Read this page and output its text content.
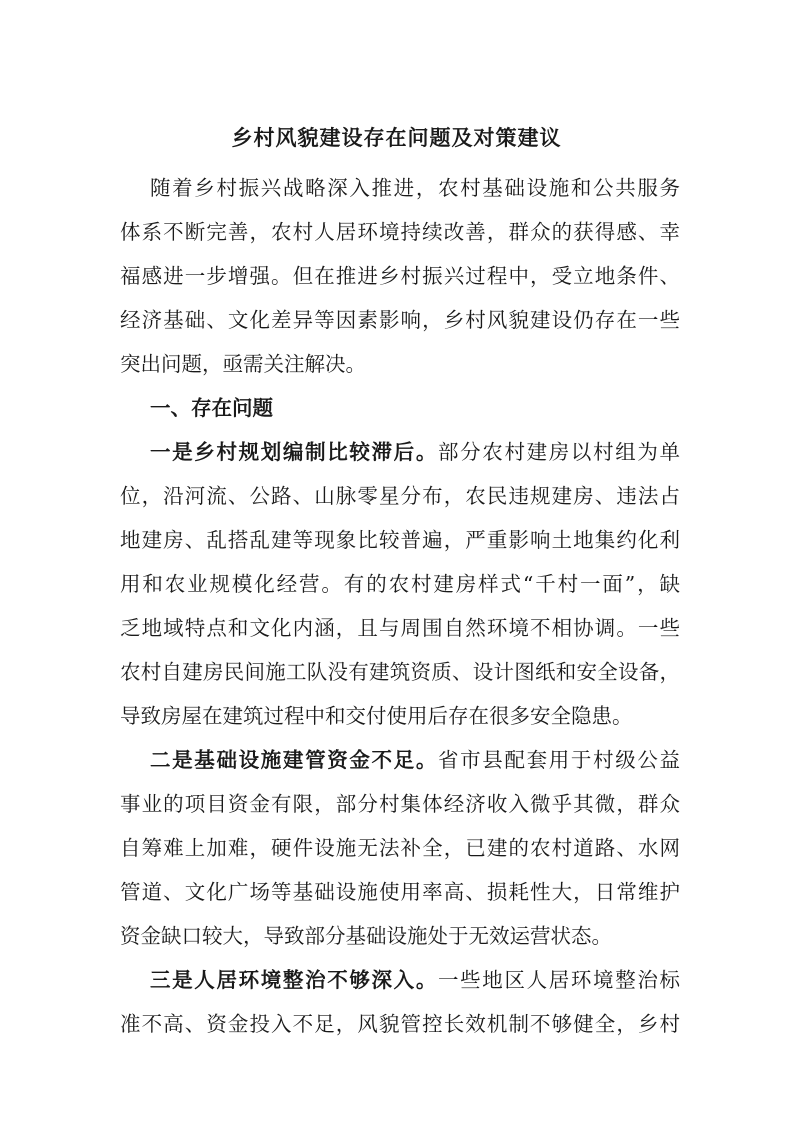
乡村风貌建设存在问题及对策建议
随着乡村振兴战略深入推进，农村基础设施和公共服务
体系不断完善，农村人居环境持续改善，群众的获得感、幸
福感进一步增强。但在推进乡村振兴过程中，受立地条件、
经济基础、文化差异等因素影响，乡村风貌建设仍存在一些
突出问题，亟需关注解决。
一、存在问题
一是乡村规划编制比较滞后。部分农村建房以村组为单
位，沿河流、公路、山脉零星分布，农民违规建房、违法占
地建房、乱搭乱建等现象比较普遍，严重影响土地集约化利
用和农业规模化经营。有的农村建房样式“千村一面”，缺
乏地域特点和文化内涵，且与周围自然环境不相协调。一些
农村自建房民间施工队没有建筑资质、设计图纸和安全设备，
导致房屋在建筑过程中和交付使用后存在很多安全隐患。
二是基础设施建管资金不足。省市县配套用于村级公益
事业的项目资金有限，部分村集体经济收入微乎其微，群众
自筹难上加难，硬件设施无法补全，已建的农村道路、水网
管道、文化广场等基础设施使用率高、损耗性大，日常维护
资金缺口较大，导致部分基础设施处于无效运营状态。
三是人居环境整治不够深入。一些地区人居环境整治标
准不高、资金投入不足，风貌管控长效机制不够健全，乡村
